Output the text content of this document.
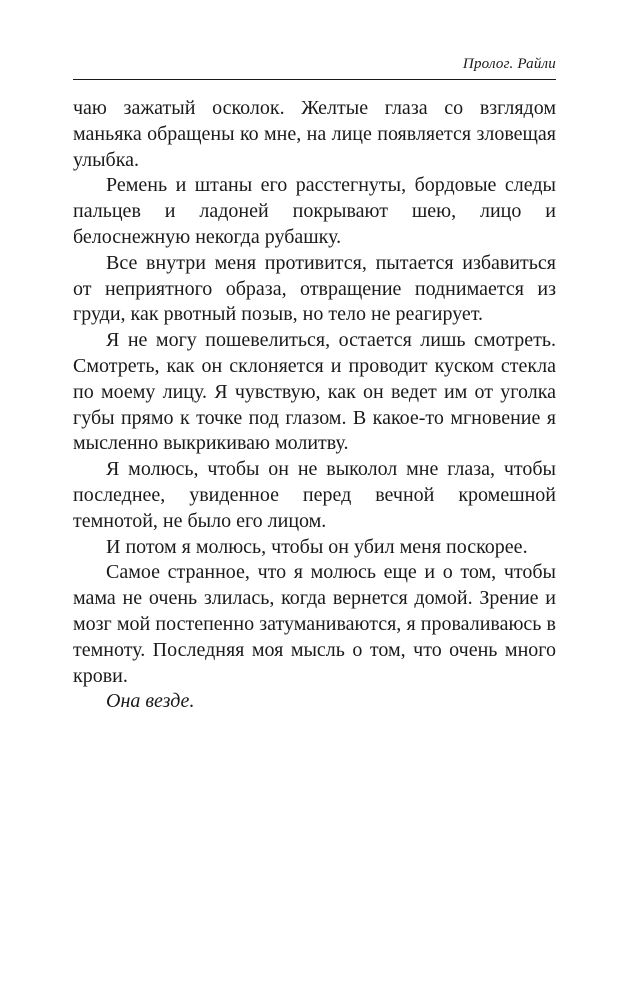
Пролог. Райли

чаю зажатый осколок. Желтые глаза со взглядом маньяка обращены ко мне, на лице появляется зловещая улыбка.

Ремень и штаны его расстегнуты, бордовые следы пальцев и ладоней покрывают шею, лицо и белоснежную некогда рубашку.

Все внутри меня противится, пытается избавиться от неприятного образа, отвращение поднимается из груди, как рвотный позыв, но тело не реагирует.

Я не могу пошевелиться, остается лишь смотреть. Смотреть, как он склоняется и проводит куском стекла по моему лицу. Я чувствую, как он ведет им от уголка губы прямо к точке под глазом. В какое-то мгновение я мысленно выкрикиваю молитву.

Я молюсь, чтобы он не выколол мне глаза, чтобы последнее, увиденное перед вечной кромешной темнотой, не было его лицом.

И потом я молюсь, чтобы он убил меня поскорее.

Самое странное, что я молюсь еще и о том, чтобы мама не очень злилась, когда вернется домой. Зрение и мозг мой постепенно затуманиваются, я проваливаюсь в темноту. Последняя моя мысль о том, что очень много крови.

Она везде.
